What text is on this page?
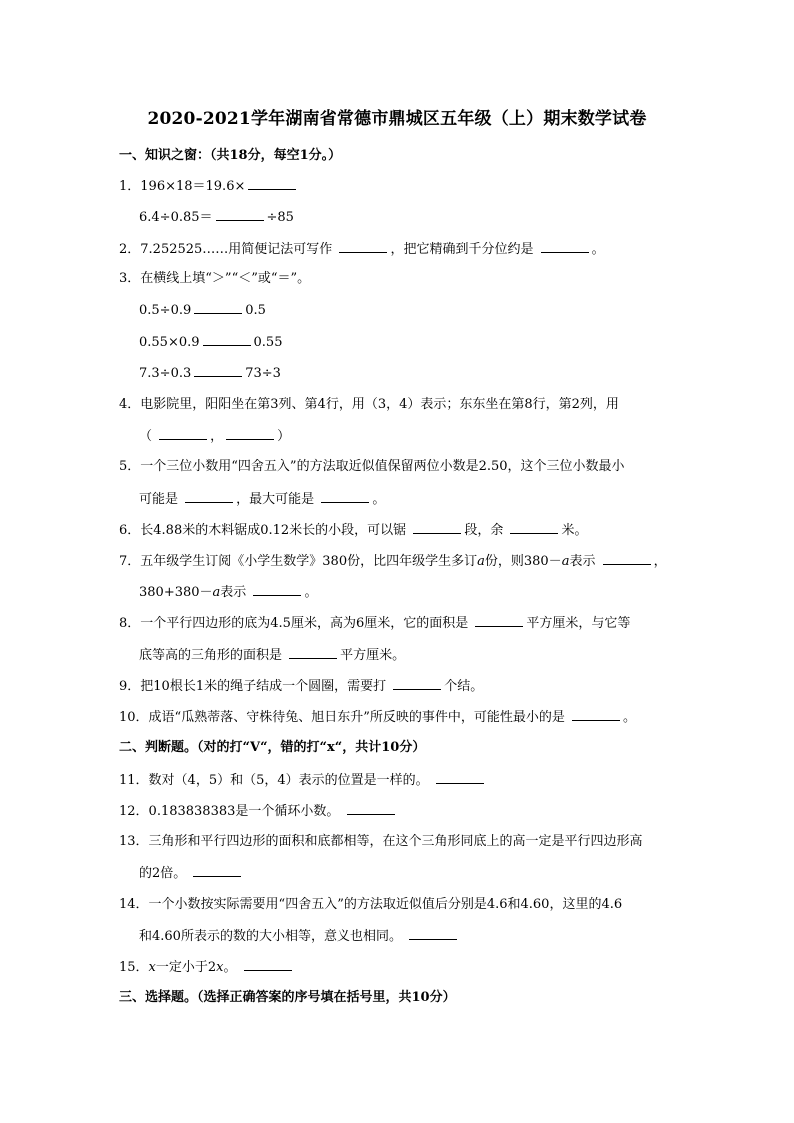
2020-2021学年湖南省常德市鼎城区五年级（上）期末数学试卷
一、知识之窗：（共18分，每空1分。）
1．196×18＝19.6×
6.4÷0.85＝	÷85
2．7.252525……用简便记法可写作	，把它精确到千分位约是	。
3．在横线上填“＞”“＜”或“＝”。
0.5÷0.9	0.5
0.55×0.9	0.55
7.3÷0.3	73÷3
4．电影院里，阳阳坐在第3列、第4行，用（3，4）表示；东东坐在第8行，第2列，用
（	，	）
5．一个三位小数用“四舍五入”的方法取近似值保留两位小数是2.50，这个三位小数最小
可能是	，最大可能是	。
6．长4.88米的木料锯成0.12米长的小段，可以锯	段，余	米。
7．五年级学生订阅《小学生数学》380份，比四年级学生多订a份，则380－a表示	，
380+380－a表示	。
8．一个平行四边形的底为4.5厘米，高为6厘米，它的面积是	平方厘米，与它等
底等高的三角形的面积是	平方厘米。
9．把10根长1米的绳子结成一个圆圈，需要打	个结。
10．成语“瓜熟蒂落、守株待兔、旭日东升”所反映的事件中，可能性最小的是	。
二、判断题。（对的打“V“，错的打“x“，共计10分）
11．数对（4，5）和（5，4）表示的位置是一样的。
12．0.183838383是一个循环小数。
13．三角形和平行四边形的面积和底都相等，在这个三角形同底上的高一定是平行四边形高
的2倍。
14．一个小数按实际需要用“四舍五入”的方法取近似值后分别是4.6和4.60，这里的4.6
和4.60所表示的数的大小相等，意义也相同。
15．x一定小于2x。
三、选择题。（选择正确答案的序号填在括号里，共10分）
